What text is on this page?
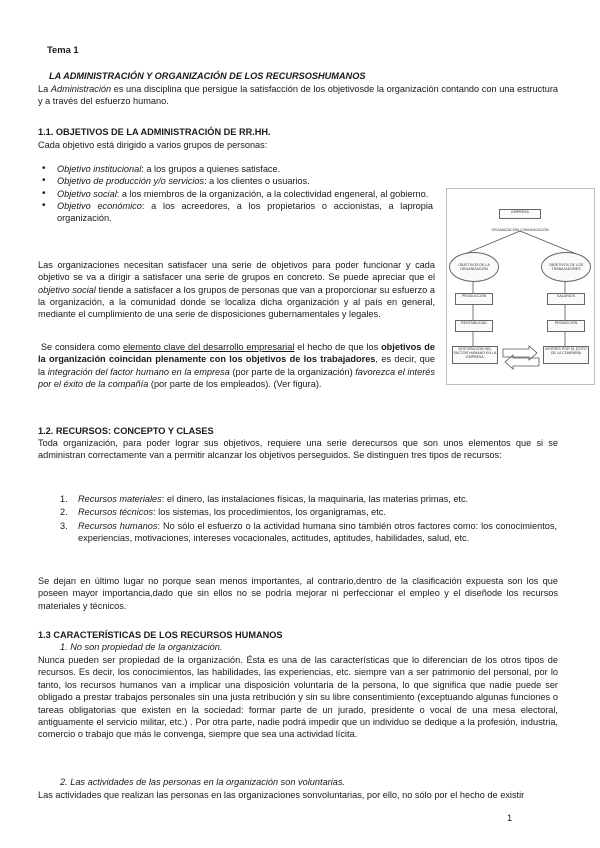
Tema 1
LA ADMINISTRACIÓN Y ORGANIZACIÓN DE LOS RECURSOSHUMANOS

La Administración es una disciplina que persigue la satisfacción de los objetivosde la organización contando con una estructura y a través del esfuerzo humano.

1.1. OBJETIVOS DE LA ADMINISTRACIÓN DE RR.HH.
Cada objetivo está dirigido a varios grupos de personas:
• Objetivo institucional: a los grupos a quienes satisface.
• Objetivo de producción y/o servicios: a los clientes o usuarios.
• Objetivo social: a los miembros de la organización, a la colectividad engeneral, al gobierno.
• Objetivo económico: a los acreedores, a los propietarios o accionistas, a lapropia organización.

Las organizaciones necesitan satisfacer una serie de objetivos para poder funcionar y cada objetivo se va a dirigir a satisfacer una serie de grupos en concreto. Se puede apreciar que el objetivo social tiende a satisfacer a los grupos de personas que van a proporcionar su esfuerzo a la organización, a la comunidad donde se localiza dicha organización y al país en general, mediante el cumplimiento de una serie de disposiciones gubernamentales y legales.

Se considera como elemento clave del desarrollo empresarial el hecho de que los objetivos de la organización coincidan plenamente con los objetivos de los trabajadores, es decir, que la integración del factor humano en la empresa (por parte de la organización) favorezca el interés por el éxito de la compañía (por parte de los empleados). (Ver figura).

EMPRESA
ORGANIZACIÓN COMUNICACIÓN
OBJETIVOS DE LA ORGANIZACIÓN
OBJETIVOS DE LOS TRABAJADORES
PRODUCCIÓN	SALARIOS
RENTABILIDAD	PROMOCIÓN
INTEGRACIÓN DEL FACTOR HUMANO EN LA EMPRESA
INTERÉS POR EL ÉXITO DE LA COMPAÑÍA
1.2. RECURSOS: CONCEPTO Y CLASES

Toda organización, para poder lograr sus objetivos, requiere una serie derecursos que son unos elementos que si se administran correctamente van a permitir alcanzar los objetivos perseguidos. Se distinguen tres tipos de recursos:

1. Recursos materiales: el dinero, las instalaciones físicas, la maquinaria, las materias primas, etc.
2. Recursos técnicos: los sistemas, los procedimientos, los organigramas, etc.
3. Recursos humanos: No sólo el esfuerzo o la actividad humana sino también otros factores como: los conocimientos, experiencias, motivaciones, intereses vocacionales, actitudes, aptitudes, habilidades, salud, etc.

Se dejan en último lugar no porque sean menos importantes, al contrario,dentro de la clasificación expuesta son los que poseen mayor importancia,dado que sin ellos no se podría mejorar ni perfeccionar el empleo y el diseñode los recursos materiales y técnicos.

1.3 CARACTERÍSTICAS DE LOS RECURSOS HUMANOS
1. No son propiedad de la organización.

Nunca pueden ser propiedad de la organización. Ésta es una de las características que lo diferencian de los otros tipos de recursos. Es decir, los conocimientos, las habilidades, las experiencias, etc. siempre van a ser patrimonio del personal, por lo tanto, los recursos humanos van a implicar una disposición voluntaria de la persona, lo que significa que nadie puede ser obligado a prestar trabajos personales sin una justa retribución y sin su libre consentimiento (exceptuando algunas funciones o tareas obligatorias que existen en la sociedad: formar parte de un jurado, presidente o vocal de una mesa electoral, antiguamente el servicio militar, etc.) . Por otra parte, nadie podrá impedir que un individuo se dedique a la profesión, industria, comercio o trabajo que más le convenga, siempre que sea una actividad lícita.

2. Las actividades de las personas en la organización son voluntarias.

Las actividades que realizan las personas en las organizaciones sonvoluntarias, por ello, no sólo por el hecho de existir

1
